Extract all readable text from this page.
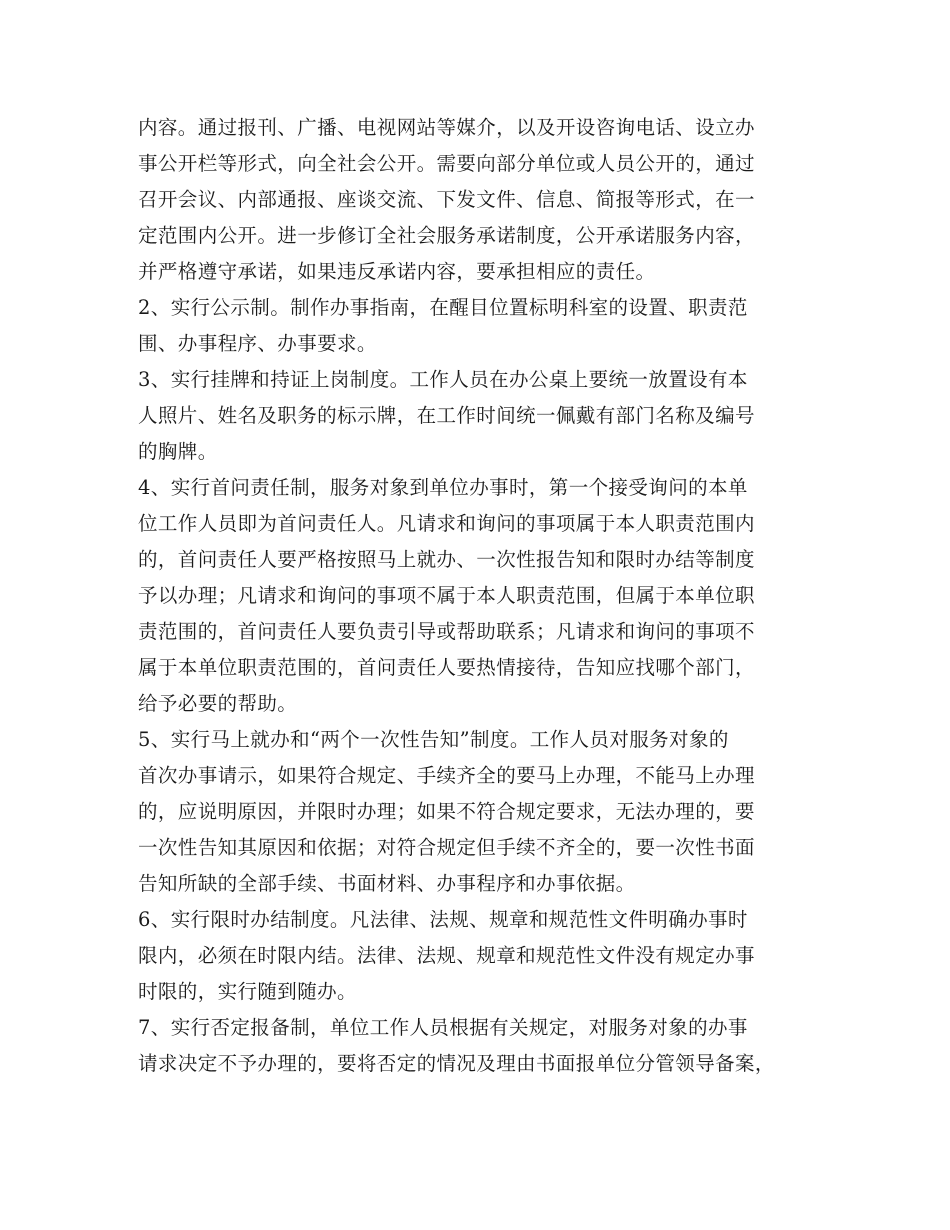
内容。通过报刊、广播、电视网站等媒介，以及开设咨询电话、设立办
事公开栏等形式，向全社会公开。需要向部分单位或人员公开的，通过
召开会议、内部通报、座谈交流、下发文件、信息、简报等形式，在一
定范围内公开。进一步修订全社会服务承诺制度，公开承诺服务内容，
并严格遵守承诺，如果违反承诺内容，要承担相应的责任。
2、实行公示制。制作办事指南，在醒目位置标明科室的设置、职责范
围、办事程序、办事要求。
3、实行挂牌和持证上岗制度。工作人员在办公桌上要统一放置设有本
人照片、姓名及职务的标示牌，在工作时间统一佩戴有部门名称及编号
的胸牌。
4、实行首问责任制，服务对象到单位办事时，第一个接受询问的本单
位工作人员即为首问责任人。凡请求和询问的事项属于本人职责范围内
的，首问责任人要严格按照马上就办、一次性报告知和限时办结等制度
予以办理；凡请求和询问的事项不属于本人职责范围，但属于本单位职
责范围的，首问责任人要负责引导或帮助联系；凡请求和询问的事项不
属于本单位职责范围的，首问责任人要热情接待，告知应找哪个部门，
给予必要的帮助。
5、实行马上就办和“两个一次性告知”制度。工作人员对服务对象的
首次办事请示，如果符合规定、手续齐全的要马上办理，不能马上办理
的，应说明原因，并限时办理；如果不符合规定要求，无法办理的，要
一次性告知其原因和依据；对符合规定但手续不齐全的，要一次性书面
告知所缺的全部手续、书面材料、办事程序和办事依据。
6、实行限时办结制度。凡法律、法规、规章和规范性文件明确办事时
限内，必须在时限内结。法律、法规、规章和规范性文件没有规定办事
时限的，实行随到随办。
7、实行否定报备制，单位工作人员根据有关规定，对服务对象的办事
请求决定不予办理的，要将否定的情况及理由书面报单位分管领导备案，
